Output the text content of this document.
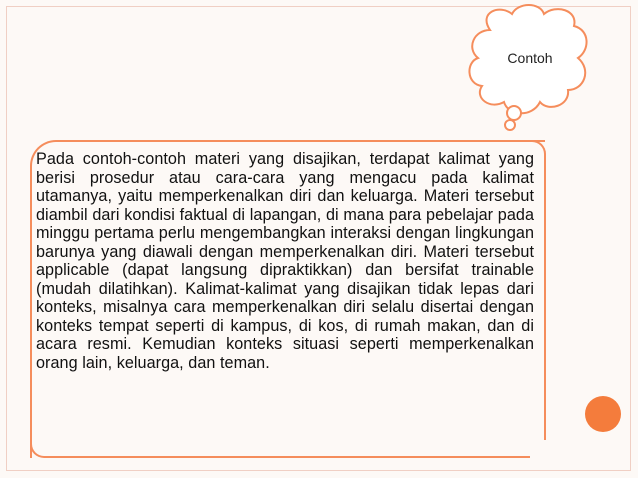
Contoh
Pada contoh-contoh materi yang disajikan, terdapat kalimat yang berisi prosedur atau cara-cara yang mengacu pada kalimat utamanya, yaitu memperkenalkan diri dan keluarga. Materi tersebut diambil dari kondisi faktual di lapangan, di mana para pebelajar pada minggu pertama perlu mengembangkan interaksi dengan lingkungan barunya yang diawali dengan memperkenalkan diri. Materi tersebut applicable (dapat langsung dipraktikkan) dan bersifat trainable (mudah dilatihkan). Kalimat-kalimat yang disajikan tidak lepas dari konteks, misalnya cara memperkenalkan diri selalu disertai dengan konteks tempat seperti di kampus, di kos, di rumah makan, dan di acara resmi. Kemudian konteks situasi seperti memperkenalkan orang lain, keluarga, dan teman.
